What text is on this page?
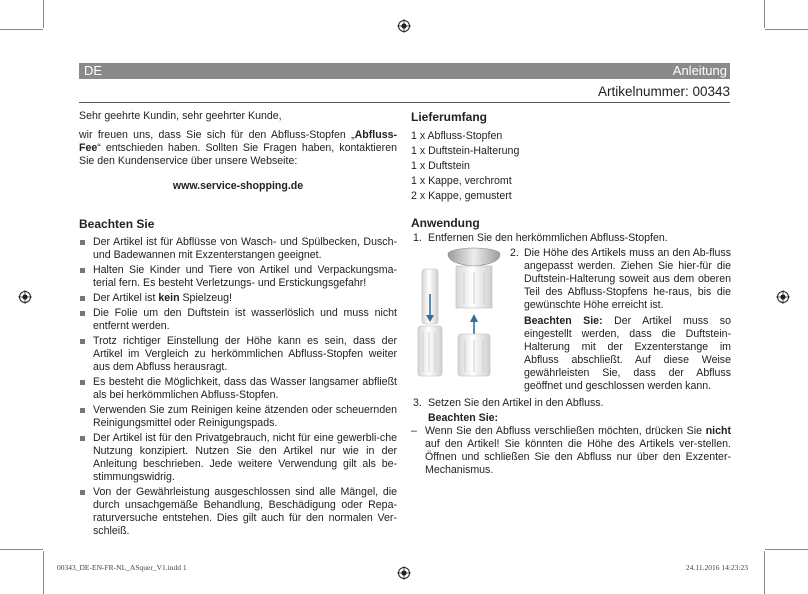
DE	Anleitung
Artikelnummer: 00343

Sehr geehrte Kundin, sehr geehrter Kunde,

wir freuen uns, dass Sie sich für den Abfluss-Stopfen „Abfluss-Fee“ entschieden haben. Sollten Sie Fragen haben, kontaktieren Sie den Kundenservice über unsere Webseite:

www.service-shopping.de

Beachten Sie
Der Artikel ist für Abflüsse von Wasch- und Spülbecken, Dusch- und Badewannen mit Exzenterstangen geeignet.
Halten Sie Kinder und Tiere von Artikel und Verpackungsma-terial fern. Es besteht Verletzungs- und Erstickungsgefahr!
Der Artikel ist kein Spielzeug!
Die Folie um den Duftstein ist wasserlöslich und muss nicht entfernt werden.
Trotz richtiger Einstellung der Höhe kann es sein, dass der Artikel im Vergleich zu herkömmlichen Abfluss-Stopfen weiter aus dem Abfluss herausragt.
Es besteht die Möglichkeit, dass das Wasser langsamer abfließt als bei herkömmlichen Abfluss-Stopfen.
Verwenden Sie zum Reinigen keine ätzenden oder scheuernden Reinigungsmittel oder Reinigungspads.
Der Artikel ist für den Privatgebrauch, nicht für eine gewerbli-che Nutzung konzipiert. Nutzen Sie den Artikel nur wie in der Anleitung beschrieben. Jede weitere Verwendung gilt als be-stimmungswidrig.
Von der Gewährleistung ausgeschlossen sind alle Mängel, die durch unsachgemäße Behandlung, Beschädigung oder Repa-raturversuche entstehen. Dies gilt auch für den normalen Ver-schleiß.
Lieferumfang
1 x Abfluss-Stopfen
1 x Duftstein-Halterung
1 x Duftstein
1 x Kappe, verchromt
2 x Kappe, gemustert
Anwendung
1. Entfernen Sie den herkömmlichen Abfluss-Stopfen.
2. Die Höhe des Artikels muss an den Ab-fluss angepasst werden. Ziehen Sie hier-für die Duftstein-Halterung soweit aus dem oberen Teil des Abfluss-Stopfens he-raus, bis die gewünschte Höhe erreicht ist.

Beachten Sie: Der Artikel muss so eingestellt werden, dass die Duftstein-Halterung mit der Exzenterstange im Abfluss abschließt. Auf diese Weise gewährleisten Sie, dass der Abfluss geöffnet und geschlossen werden kann.

3. Setzen Sie den Artikel in den Abfluss.
Beachten Sie:
– Wenn Sie den Abfluss verschließen möchten, drücken Sie nicht auf den Artikel! Sie könnten die Höhe des Artikels ver-stellen. Öffnen und schließen Sie den Abfluss nur über den Exzenter-Mechanismus.
00343_DE-EN-FR-NL_ASquer_V1.indd 1	24.11.2016 14:23:23
